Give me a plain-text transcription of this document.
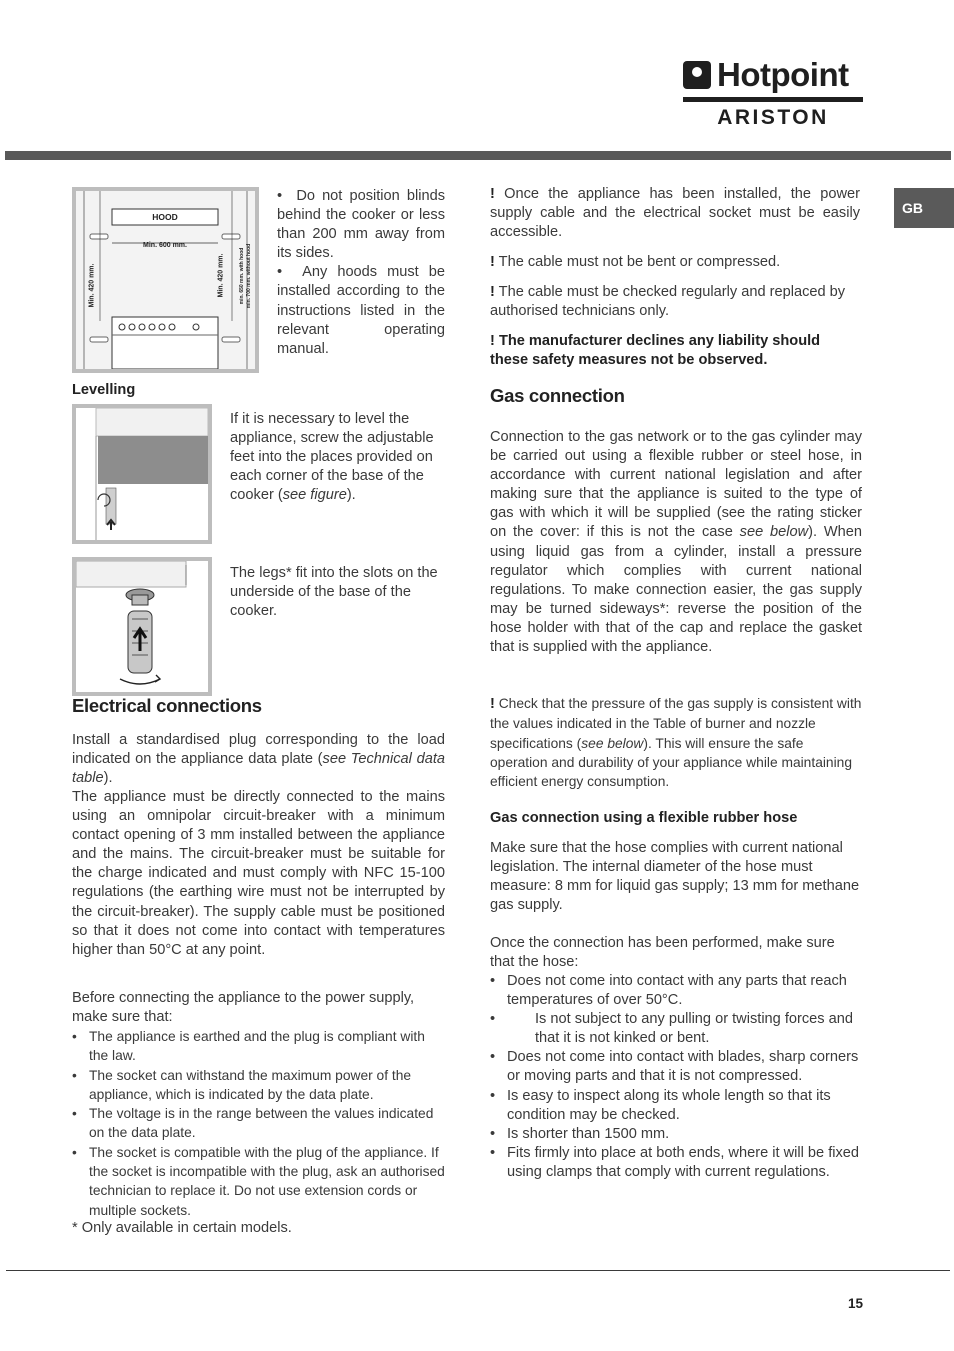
Hotpoint
ARISTON
GB
HOOD
Min. 600 mm.
Min. 420 mm.	Min. 420 mm.	min. 650 mm. with hood min. 700 mm. without hood
•  Do not position blinds behind the cooker or less than 200 mm away from its sides.
•  Any hoods must be installed according to the instructions listed in the relevant operating manual.
Levelling
If it is necessary to level the appliance, screw the adjustable feet into the places provided on each corner of the base of the cooker (see figure).
The legs* fit into the slots on the underside of the base of the cooker.
Electrical connections
Install a standardised plug corresponding to the load indicated on the appliance data plate (see Technical data table).
The appliance must be directly connected to the mains using an omnipolar circuit-breaker with a minimum contact opening of 3 mm installed between the appliance and the mains. The circuit-breaker must be suitable for the charge indicated and must comply with NFC 15-100 regulations (the earthing wire must not be interrupted by the circuit-breaker). The supply cable must be positioned so that it does not come into contact with temperatures higher than 50°C at any point.
Before connecting the appliance to the power supply, make sure that:
• The appliance is earthed and the plug is compliant with the law.
• The socket can withstand the maximum power of the appliance, which is indicated by the data plate.
• The voltage is in the range between the values indicated on the data plate.
• The socket is compatible with the plug of the appliance. If the socket is incompatible with the plug, ask an authorised technician to replace it. Do not use extension cords or multiple sockets.
* Only available in certain models.
! Once the appliance has been installed, the power supply cable and the electrical socket must be easily accessible.
! The cable must not be bent or compressed.
! The cable must be checked regularly and replaced by authorised technicians only.
! The manufacturer declines any liability should these safety measures not be observed.
Gas connection
Connection to the gas network or to the gas cylinder may be carried out using a flexible rubber or steel hose, in accordance with current national legislation and after making sure that the appliance is suited to the type of gas with which it will be supplied (see the rating sticker on the cover: if this is not the case see below). When using liquid gas from a cylinder, install a pressure regulator which complies with current national regulations. To make connection easier, the gas supply may be turned sideways*: reverse the position of the hose holder with that of the cap and replace the gasket that is supplied with the appliance.
! Check that the pressure of the gas supply is consistent with the values indicated in the Table of burner and nozzle specifications (see below). This will ensure the safe operation and durability of your appliance while maintaining efficient energy consumption.
Gas connection using a flexible rubber hose
Make sure that the hose complies with current national legislation. The internal diameter of the hose must measure: 8 mm for liquid gas supply; 13 mm for methane gas supply.
Once the connection has been performed, make sure that the hose:
• Does not come into contact with any parts that reach temperatures of over 50°C.
•	Is not subject to any pulling or twisting forces and that it is not kinked or bent.
• Does not come into contact with blades, sharp corners or moving parts and that it is not compressed.
• Is easy to inspect along its whole length so that its condition may be checked.
• Is shorter than 1500 mm.
• Fits firmly into place at both ends, where it will be fixed using clamps that comply with current regulations.
15
